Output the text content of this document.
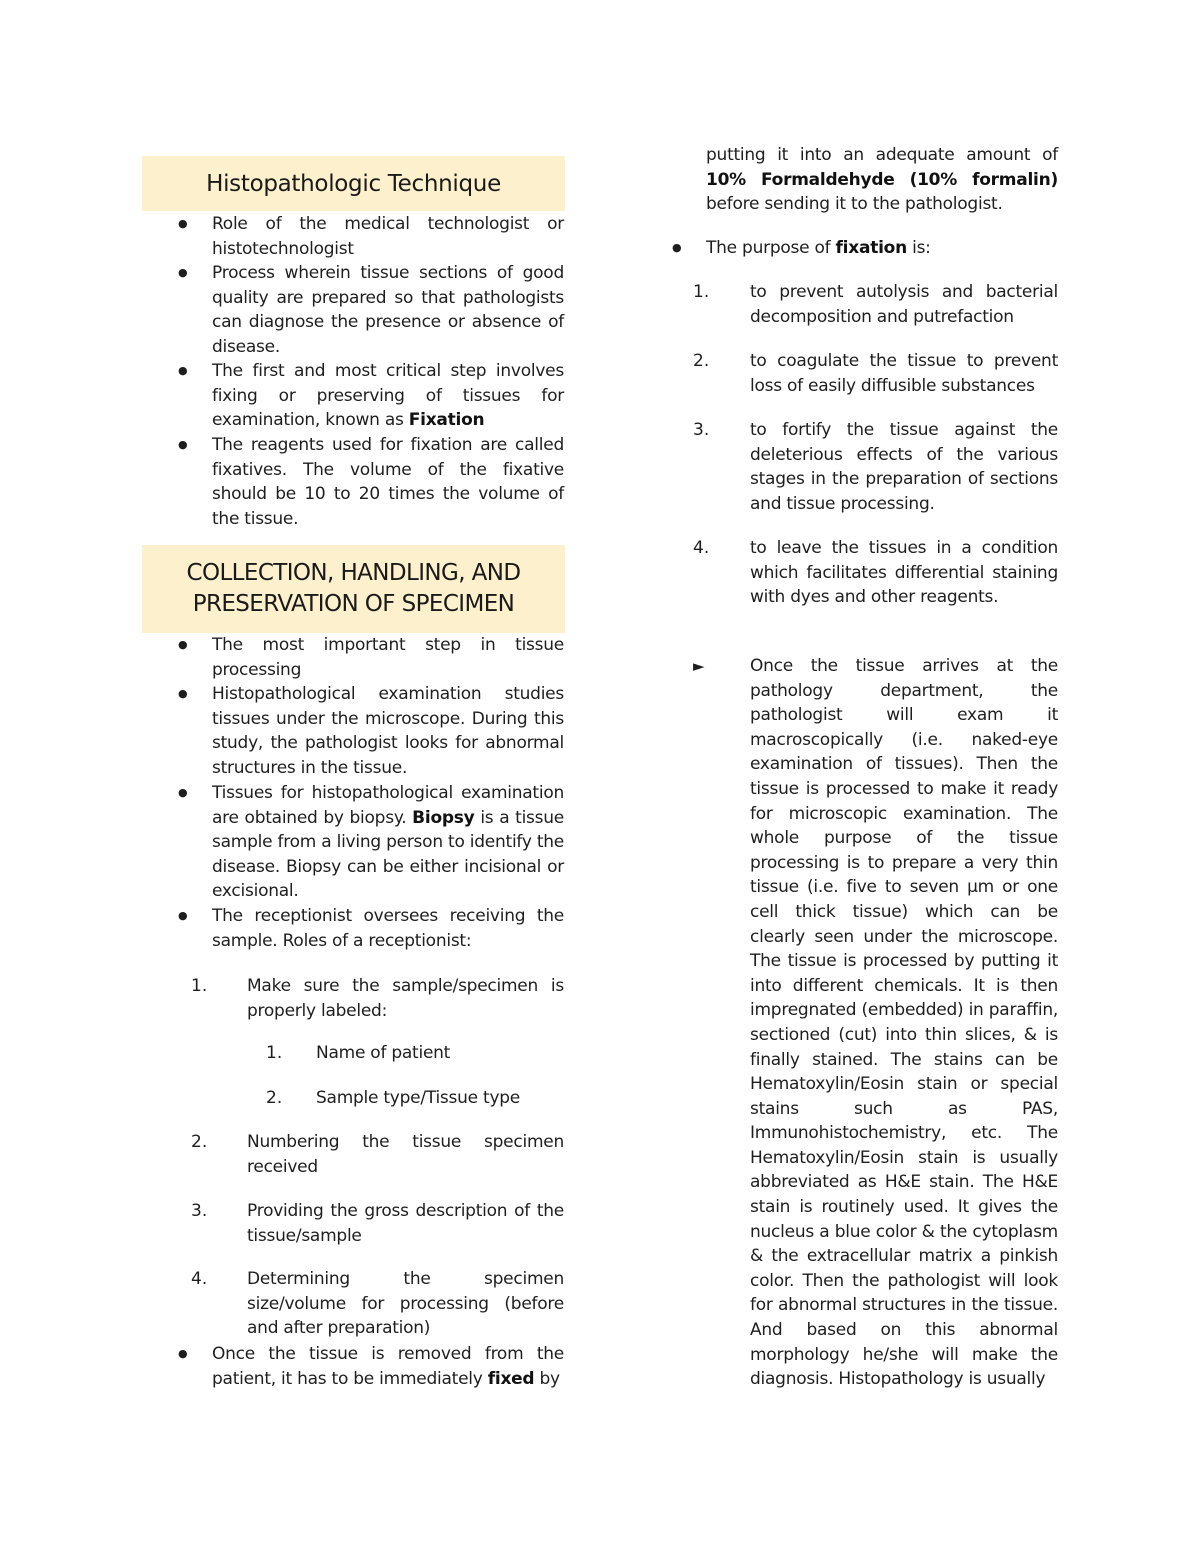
Histopathologic Technique

● Role of the medical technologist or histotechnologist

● Process wherein tissue sections of good quality are prepared so that pathologists can diagnose the presence or absence of disease.

● The first and most critical step involves fixing or preserving of tissues for examination, known as Fixation

● The reagents used for fixation are called fixatives. The volume of the fixative should be 10 to 20 times the volume of the tissue.

COLLECTION, HANDLING, AND PRESERVATION OF SPECIMEN

● The most important step in tissue processing

● Histopathological examination studies tissues under the microscope. During this study, the pathologist looks for abnormal structures in the tissue.

● Tissues for histopathological examination are obtained by biopsy. Biopsy is a tissue sample from a living person to identify the disease. Biopsy can be either incisional or excisional.

● The receptionist oversees receiving the sample. Roles of a receptionist:

1. Make sure the sample/specimen is properly labeled:

1. Name of patient

2. Sample type/Tissue type

2. Numbering the tissue specimen received

3. Providing the gross description of the tissue/sample

4. Determining the specimen size/volume for processing (before and after preparation)

● Once the tissue is removed from the patient, it has to be immediately fixed by

putting it into an adequate amount of 10% Formaldehyde (10% formalin) before sending it to the pathologist.

● The purpose of fixation is:

1. to prevent autolysis and bacterial decomposition and putrefaction

2. to coagulate the tissue to prevent loss of easily diffusible substances

3. to fortify the tissue against the deleterious effects of the various stages in the preparation of sections and tissue processing.

4. to leave the tissues in a condition which facilitates differential staining with dyes and other reagents.

►	Once the tissue arrives at the pathology department, the pathologist will exam it macroscopically (i.e. naked-eye examination of tissues). Then the tissue is processed to make it ready for microscopic examination. The whole purpose of the tissue processing is to prepare a very thin tissue (i.e. five to seven µm or one cell thick tissue) which can be clearly seen under the microscope. The tissue is processed by putting it into different chemicals. It is then impregnated (embedded) in paraffin, sectioned (cut) into thin slices, & is finally stained. The stains can be Hematoxylin/Eosin stain or special stains such as PAS, Immunohistochemistry, etc. The Hematoxylin/Eosin stain is usually abbreviated as H&E stain. The H&E stain is routinely used. It gives the nucleus a blue color & the cytoplasm & the extracellular matrix a pinkish color. Then the pathologist will look for abnormal structures in the tissue. And based on this abnormal morphology he/she will make the diagnosis. Histopathology is usually
